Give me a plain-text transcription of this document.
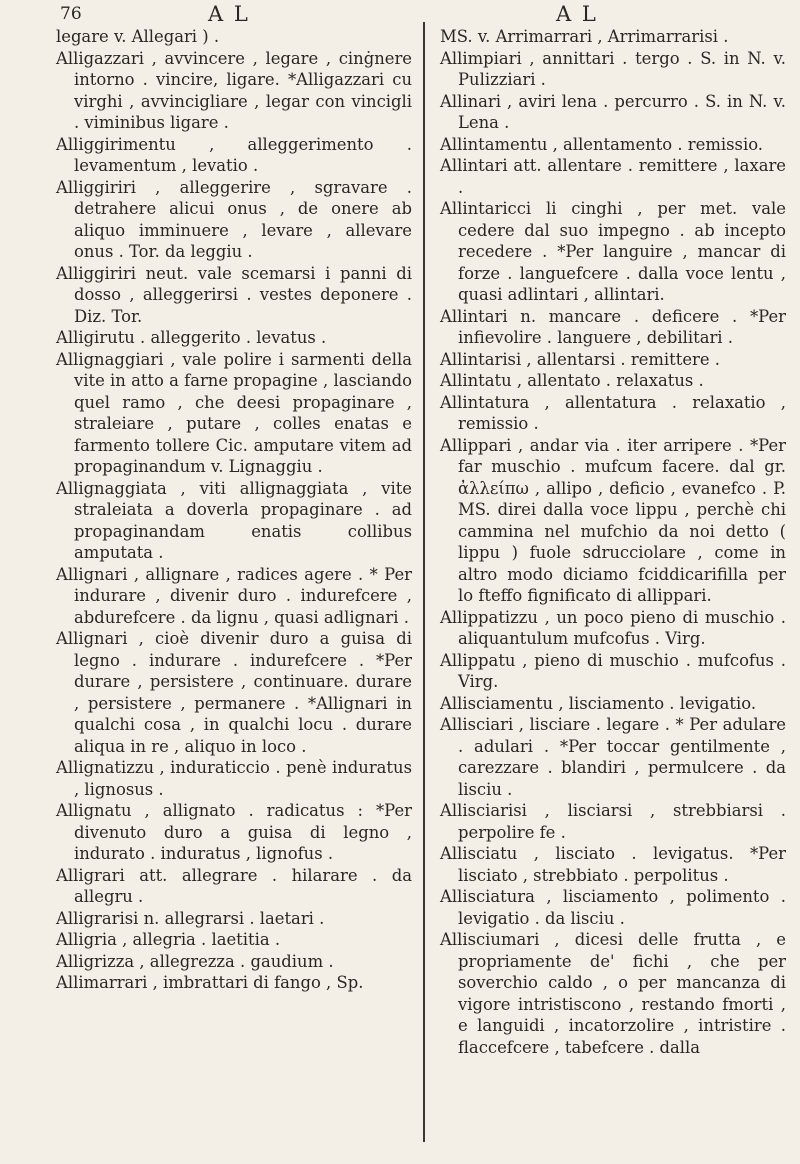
76	A L	A L

legare v. Allegari ) .

Alligazzari , avvincere , legare , cinġnere intorno . vincire, ligare. *Alligazzari cu virghi , avvincigliare , legar con vincigli . viminibus ligare .

Alliggirimentu , alleggerimento . levamentum , levatio .

Alliggiriri , alleggerire , sgravare . detrahere alicui onus , de onere ab aliquo imminuere , levare , allevare onus . Tor. da leggiu .

Alliggiriri neut. vale scemarsi i panni di dosso , alleggerirsi . vestes deponere . Diz. Tor.

Alligirutu . alleggerito . levatus .

Allignaggiari , vale polire i sarmenti della vite in atto a farne propagine , lasciando quel ramo , che deesi propaginare , straleiare , putare , colles enatas e farmento tollere Cic. amputare vitem ad propaginandum v. Lignaggiu .

Allignaggiata , viti allignaggiata , vite straleiata a doverla propaginare . ad propaginandam enatis collibus amputata .

Allignari , allignare , radices agere . * Per indurare , divenir duro . indurefcere , abdurefcere . da lignu , quasi adlignari .

Allignari , cioè divenir duro a guisa di legno . indurare . indurefcere . *Per durare , persistere , continuare. durare , persistere , permanere . *Allignari in qualchi cosa , in qualchi locu . durare aliqua in re , aliquo in loco .

Allignatizzu , induraticcio . penè induratus , lignosus .

Allignatu , allignato . radicatus : *Per divenuto duro a guisa di legno , indurato . induratus , lignofus .

Alligrari att. allegrare . hilarare . da allegru .

Alligrarisi n. allegrarsi . laetari .

Alligria , allegria . laetitia .

Alligrizza , allegrezza . gaudium .

Allimarrari , imbrattari di fango , Sp.

MS. v. Arrimarrari , Arrimarrarisi .

Allimpiari , annittari . tergo . S. in N. v. Pulizziari .

Allinari , aviri lena . percurro . S. in N. v. Lena .

Allintamentu , allentamento . remissio.

Allintari att. allentare . remittere , laxare .

Allintaricci li cinghi , per met. vale cedere dal suo impegno . ab incepto recedere . *Per languire , mancar di forze . languefcere . dalla voce lentu , quasi adlintari , allintari.

Allintari n. mancare . deficere . *Per infievolire . languere , debilitari .

Allintarisi , allentarsi . remittere .

Allintatu , allentato . relaxatus .

Allintatura , allentatura . relaxatio , remissio .

Allippari , andar via . iter arripere . *Per far muschio . mufcum facere. dal gr. ἀλλείπω , allipo , deficio , evanefco . P. MS. direi dalla voce lippu , perchè chi cammina nel mufchio da noi detto ( lippu ) fuole sdrucciolare , come in altro modo diciamo fciddicarifilla per lo fteffo fignificato di allippari.

Allippatizzu , un poco pieno di muschio . aliquantulum mufcofus . Virg.

Allippatu , pieno di muschio . mufcofus . Virg.

Allisciamentu , lisciamento . levigatio.

Allisciari , lisciare . legare . * Per adulare . adulari . *Per toccar gentilmente , carezzare . blandiri , permulcere . da lisciu .

Allisciarisi , lisciarsi , strebbiarsi . perpolire fe .

Allisciatu , lisciato . levigatus. *Per lisciato , strebbiato . perpolitus .

Allisciatura , lisciamento , polimento . levigatio . da lisciu .

Allisciumari , dicesi delle frutta , e propriamente de' fichi , che per soverchio caldo , o per mancanza di vigore intristiscono , restando fmorti , e languidi , incatorzolire , intristire . flaccefcere , tabefcere . dalla
